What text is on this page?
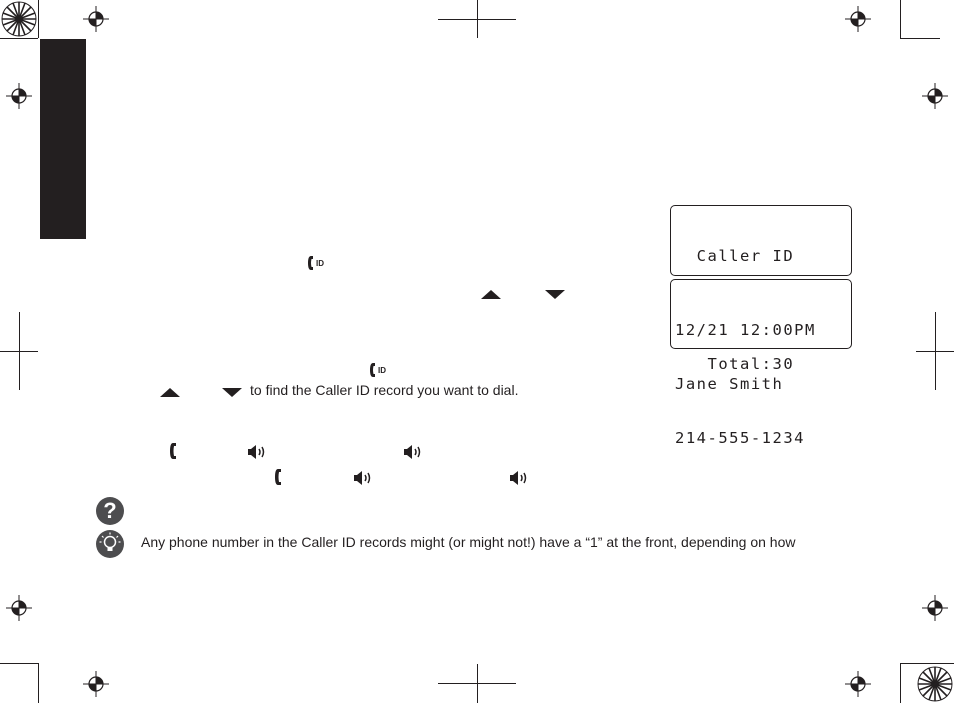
Caller ID

Total:30

12/21 12:00PM

Jane Smith

214-555-1234

ID
ID
to find the Caller ID record you want to dial.
?
Any phone number in the Caller ID records might (or might not!) have a “1” at the front, depending on how
